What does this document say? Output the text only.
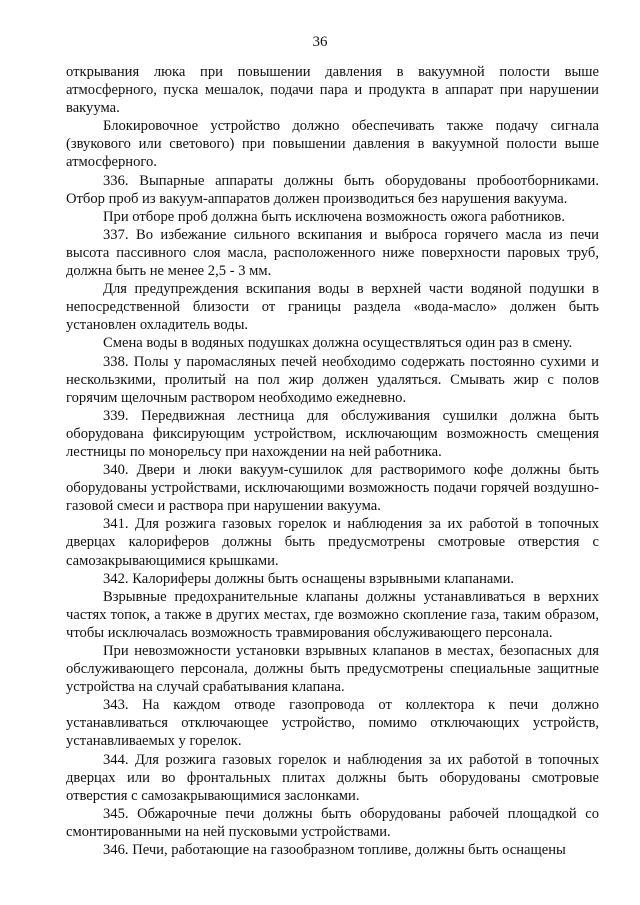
36

открывания люка при повышении давления в вакуумной полости выше атмосферного, пуска мешалок, подачи пара и продукта в аппарат при нарушении вакуума.

Блокировочное устройство должно обеспечивать также подачу сигнала (звукового или светового) при повышении давления в вакуумной полости выше атмосферного.

336. Выпарные аппараты должны быть оборудованы пробоотборниками. Отбор проб из вакуум-аппаратов должен производиться без нарушения вакуума.

При отборе проб должна быть исключена возможность ожога работников.

337. Во избежание сильного вскипания и выброса горячего масла из печи высота пассивного слоя масла, расположенного ниже поверхности паровых труб, должна быть не менее 2,5 - 3 мм.

Для предупреждения вскипания воды в верхней части водяной подушки в непосредственной близости от границы раздела «вода-масло» должен быть установлен охладитель воды.

Смена воды в водяных подушках должна осуществляться один раз в смену.

338. Полы у паромасляных печей необходимо содержать постоянно сухими и нескользкими, пролитый на пол жир должен удаляться. Смывать жир с полов горячим щелочным раствором необходимо ежедневно.

339. Передвижная лестница для обслуживания сушилки должна быть оборудована фиксирующим устройством, исключающим возможность смещения лестницы по монорельсу при нахождении на ней работника.

340. Двери и люки вакуум-сушилок для растворимого кофе должны быть оборудованы устройствами, исключающими возможность подачи горячей воздушно-газовой смеси и раствора при нарушении вакуума.

341. Для розжига газовых горелок и наблюдения за их работой в топочных дверцах калориферов должны быть предусмотрены смотровые отверстия с самозакрывающимися крышками.

342. Калориферы должны быть оснащены взрывными клапанами.

Взрывные предохранительные клапаны должны устанавливаться в верхних частях топок, а также в других местах, где возможно скопление газа, таким образом, чтобы исключалась возможность травмирования обслуживающего персонала.

При невозможности установки взрывных клапанов в местах, безопасных для обслуживающего персонала, должны быть предусмотрены специальные защитные устройства на случай срабатывания клапана.

343. На каждом отводе газопровода от коллектора к печи должно устанавливаться отключающее устройство, помимо отключающих устройств, устанавливаемых у горелок.

344. Для розжига газовых горелок и наблюдения за их работой в топочных дверцах или во фронтальных плитах должны быть оборудованы смотровые отверстия с самозакрывающимися заслонками.

345. Обжарочные печи должны быть оборудованы рабочей площадкой со смонтированными на ней пусковыми устройствами.

346. Печи, работающие на газообразном топливе, должны быть оснащены
